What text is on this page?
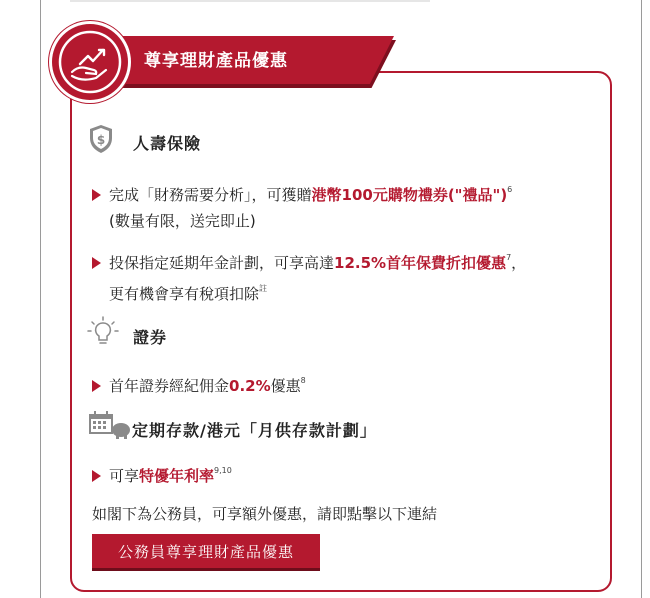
尊享理財產品優惠
$ 人壽保險
完成「財務需要分析」，可獲贈港幣100元購物禮券("禮品")$^6$
(數量有限，送完即止)
投保指定延期年金計劃，可享高達12.5%首年保費折扣優惠$^7$，
更有機會享有稅項扣除$^註$
證券
首年證券經紀佣金0.2%優惠$^8$
定期存款/港元「月供存款計劃」
可享特優年利率$^{9,10}$
如閣下為公務員，可享額外優惠，請即點擊以下連結
公務員尊享理財產品優惠
